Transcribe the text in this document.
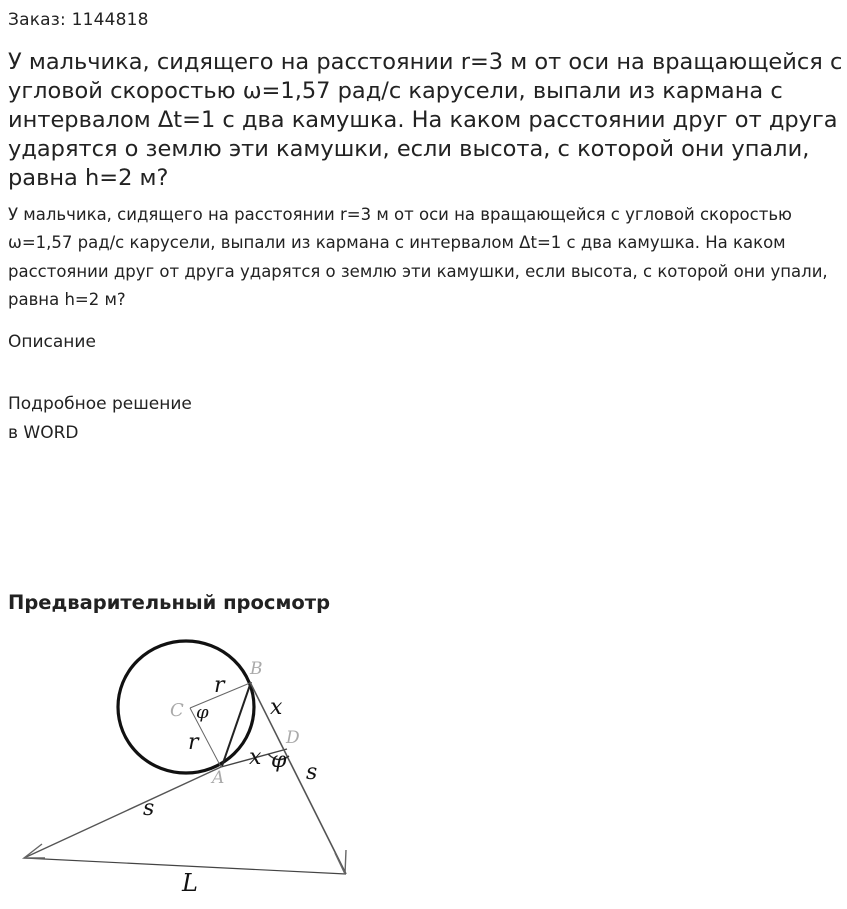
Заказ: 1144818
У мальчика, сидящего на расстоянии r=3 м от оси на вращающейся с угловой скоростью ω=1,57 рад/с карусели, выпали из кармана с интервалом Δt=1 с два камушка. На каком расстоянии друг от друга ударятся о землю эти камушки, если высота, с которой они упали, равна h=2 м?

У мальчика, сидящего на расстоянии r=3 м от оси на вращающейся с угловой скоростью ω=1,57 рад/с карусели, выпали из кармана с интервалом Δt=1 с два камушка. На каком расстоянии друг от друга ударятся о землю эти камушки, если высота, с которой они упали, равна h=2 м?

Описание
Подробное решение
в WORD
Предварительный просмотр
B
C
D
A
r
r
φ	x
x φ s
s
L
